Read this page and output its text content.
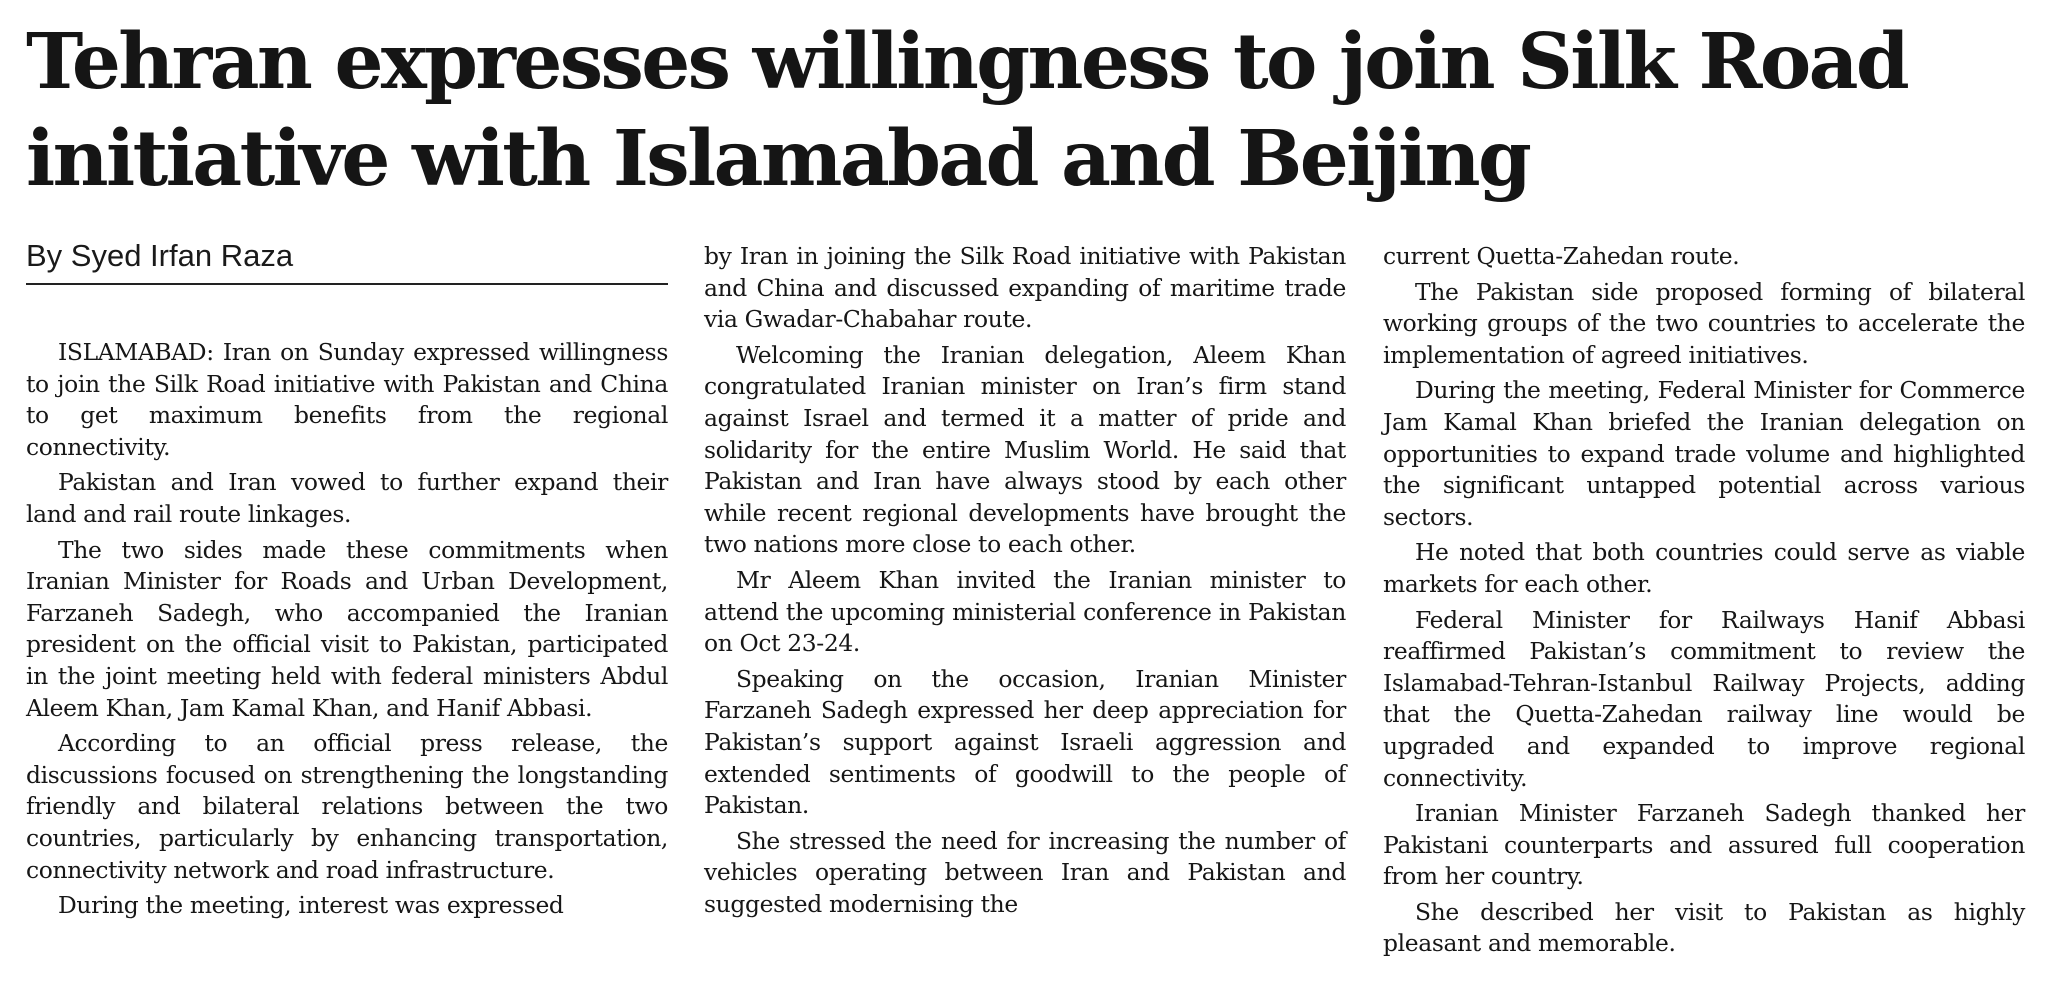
Tehran expresses willingness to join Silk Road
initiative with Islamabad and Beijing
By Syed Irfan Raza

ISLAMABAD: Iran on Sunday expressed willingness to join the Silk Road initiative with Pakistan and China to get maximum benefits from the regional connectivity.

Pakistan and Iran vowed to further expand their land and rail route linkages.

The two sides made these commitments when Iranian Minister for Roads and Urban Development, Farzaneh Sadegh, who accompanied the Iranian president on the official visit to Pakistan, participated in the joint meeting held with federal ministers Abdul Aleem Khan, Jam Kamal Khan, and Hanif Abbasi.

According to an official press release, the discussions focused on strengthening the longstanding friendly and bilateral relations between the two countries, particularly by enhancing transportation, connectivity network and road infrastructure.

During the meeting, interest was expressed

by Iran in joining the Silk Road initiative with Pakistan and China and discussed expanding of maritime trade via Gwadar-Chabahar route.

Welcoming the Iranian delegation, Aleem Khan congratulated Iranian minister on Iran’s firm stand against Israel and termed it a matter of pride and solidarity for the entire Muslim World. He said that Pakistan and Iran have always stood by each other while recent regional developments have brought the two nations more close to each other.

Mr Aleem Khan invited the Iranian minister to attend the upcoming ministerial conference in Pakistan on Oct 23-24.

Speaking on the occasion, Iranian Minister Farzaneh Sadegh expressed her deep appreciation for Pakistan’s support against Israeli aggression and extended sentiments of goodwill to the people of Pakistan.

She stressed the need for increasing the number of vehicles operating between Iran and Pakistan and suggested modernising the

current Quetta-Zahedan route.

The Pakistan side proposed forming of bilateral working groups of the two countries to accelerate the implementation of agreed initiatives.

During the meeting, Federal Minister for Commerce Jam Kamal Khan briefed the Iranian delegation on opportunities to expand trade volume and highlighted the significant untapped potential across various sectors.

He noted that both countries could serve as viable markets for each other.

Federal Minister for Railways Hanif Abbasi reaffirmed Pakistan’s commitment to review the Islamabad-Tehran-Istanbul Railway Projects, adding that the Quetta-Zahedan railway line would be upgraded and expanded to improve regional connectivity.

Iranian Minister Farzaneh Sadegh thanked her Pakistani counterparts and assured full cooperation from her country.

She described her visit to Pakistan as highly pleasant and memorable.
